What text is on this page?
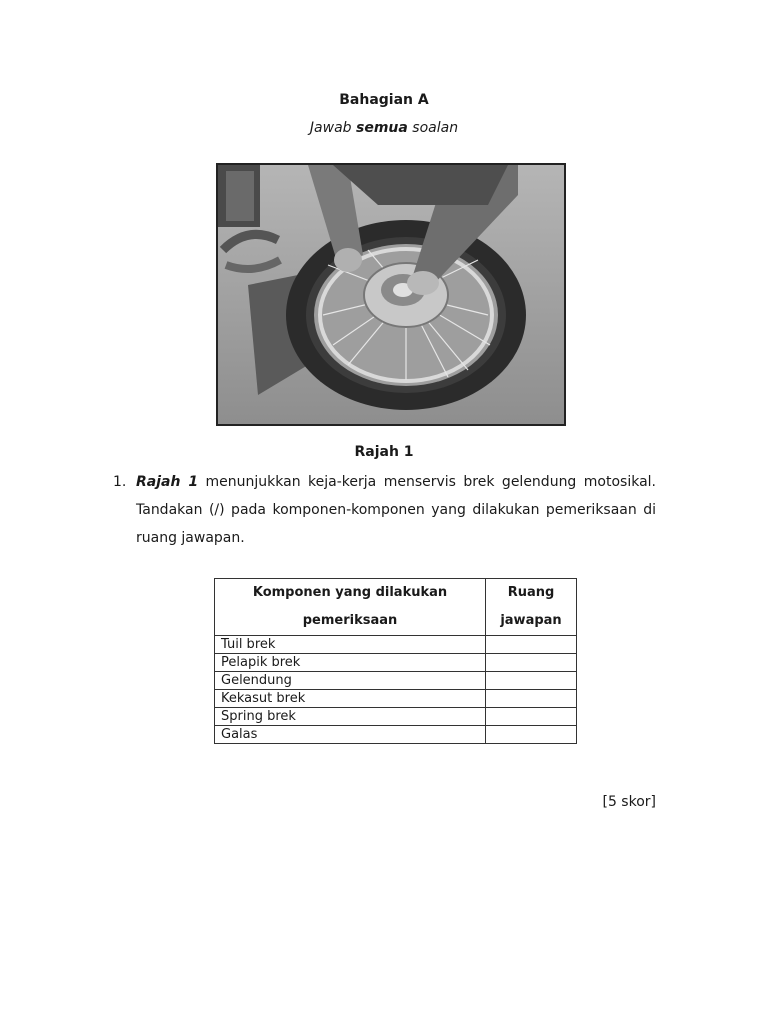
Bahagian A
Jawab semua soalan
Rajah 1
1. Rajah 1 menunjukkan keja-kerja menservis brek gelendung motosikal. Tandakan (/) pada komponen-komponen yang dilakukan pemeriksaan di ruang jawapan.
Komponen yang dilakukan pemeriksaan	Ruang jawapan
Tuil brek	
Pelapik brek	
Gelendung	
Kekasut brek	
Spring brek	
Galas	
[5 skor]
